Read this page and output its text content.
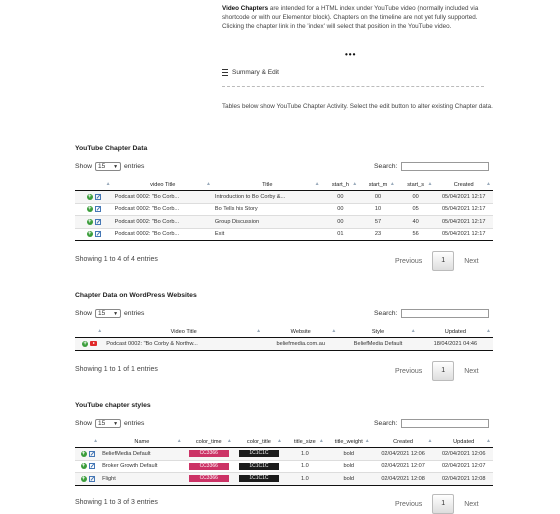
Video Chapters are intended for a HTML index under YouTube video (normally included via shortcode or with our Elementor block). Chapters on the timeline are not yet fully supported. Clicking the chapter link in the 'index' will select that position in the YouTube video.
•••
Summary & Edit
Tables below show YouTube Chapter Activity. Select the edit button to alter existing Chapter data.
YouTube Chapter Data
Show 15 ▼ entries	Search:
▲	video Title ▲	Title ▲	start_h ▲	start_m ▲	start_s ▲	Created ▲

+	Podcast 0002: "Bo Corb...	Introduction to Bo Corby &...	00	00	00	05/04/2021 12:17
+	Podcast 0002: "Bo Corb...	Bo Tells his Story	00	10	05	05/04/2021 12:17
+	Podcast 0002: "Bo Corb...	Group Discussion	00	57	40	05/04/2021 12:17
+	Podcast 0002: "Bo Corb...	Exit	01	23	56	05/04/2021 12:17
Showing 1 to 4 of 4 entries	Previous	1	Next
Chapter Data on WordPress Websites
Show 15 ▼ entries	Search:
▲	Video Title ▲	Website ▲	Style ▲	Updated ▲

+	Podcast 0002: "Bo Corby & Northw...	beliefmedia.com.au	BeliefMedia Default	18/04/2021 04:46
Showing 1 to 1 of 1 entries	Previous	1	Next
YouTube chapter styles
Show 15 ▼ entries	Search:
▲	Name ▲	color_time ▲	color_title ▲	title_size ▲	title_weight ▲	Created ▲	Updated ▲

+	BeliefMedia Default	CC3366	1C1C1C	1.0	bold	02/04/2021 12:06	02/04/2021 12:06
+	Broker Growth Default	CC3366	1C1C1C	1.0	bold	02/04/2021 12:07	02/04/2021 12:07
+	Flight	CC3366	1C1C1C	1.0	bold	02/04/2021 12:08	02/04/2021 12:08
Showing 1 to 3 of 3 entries	Previous	1	Next
